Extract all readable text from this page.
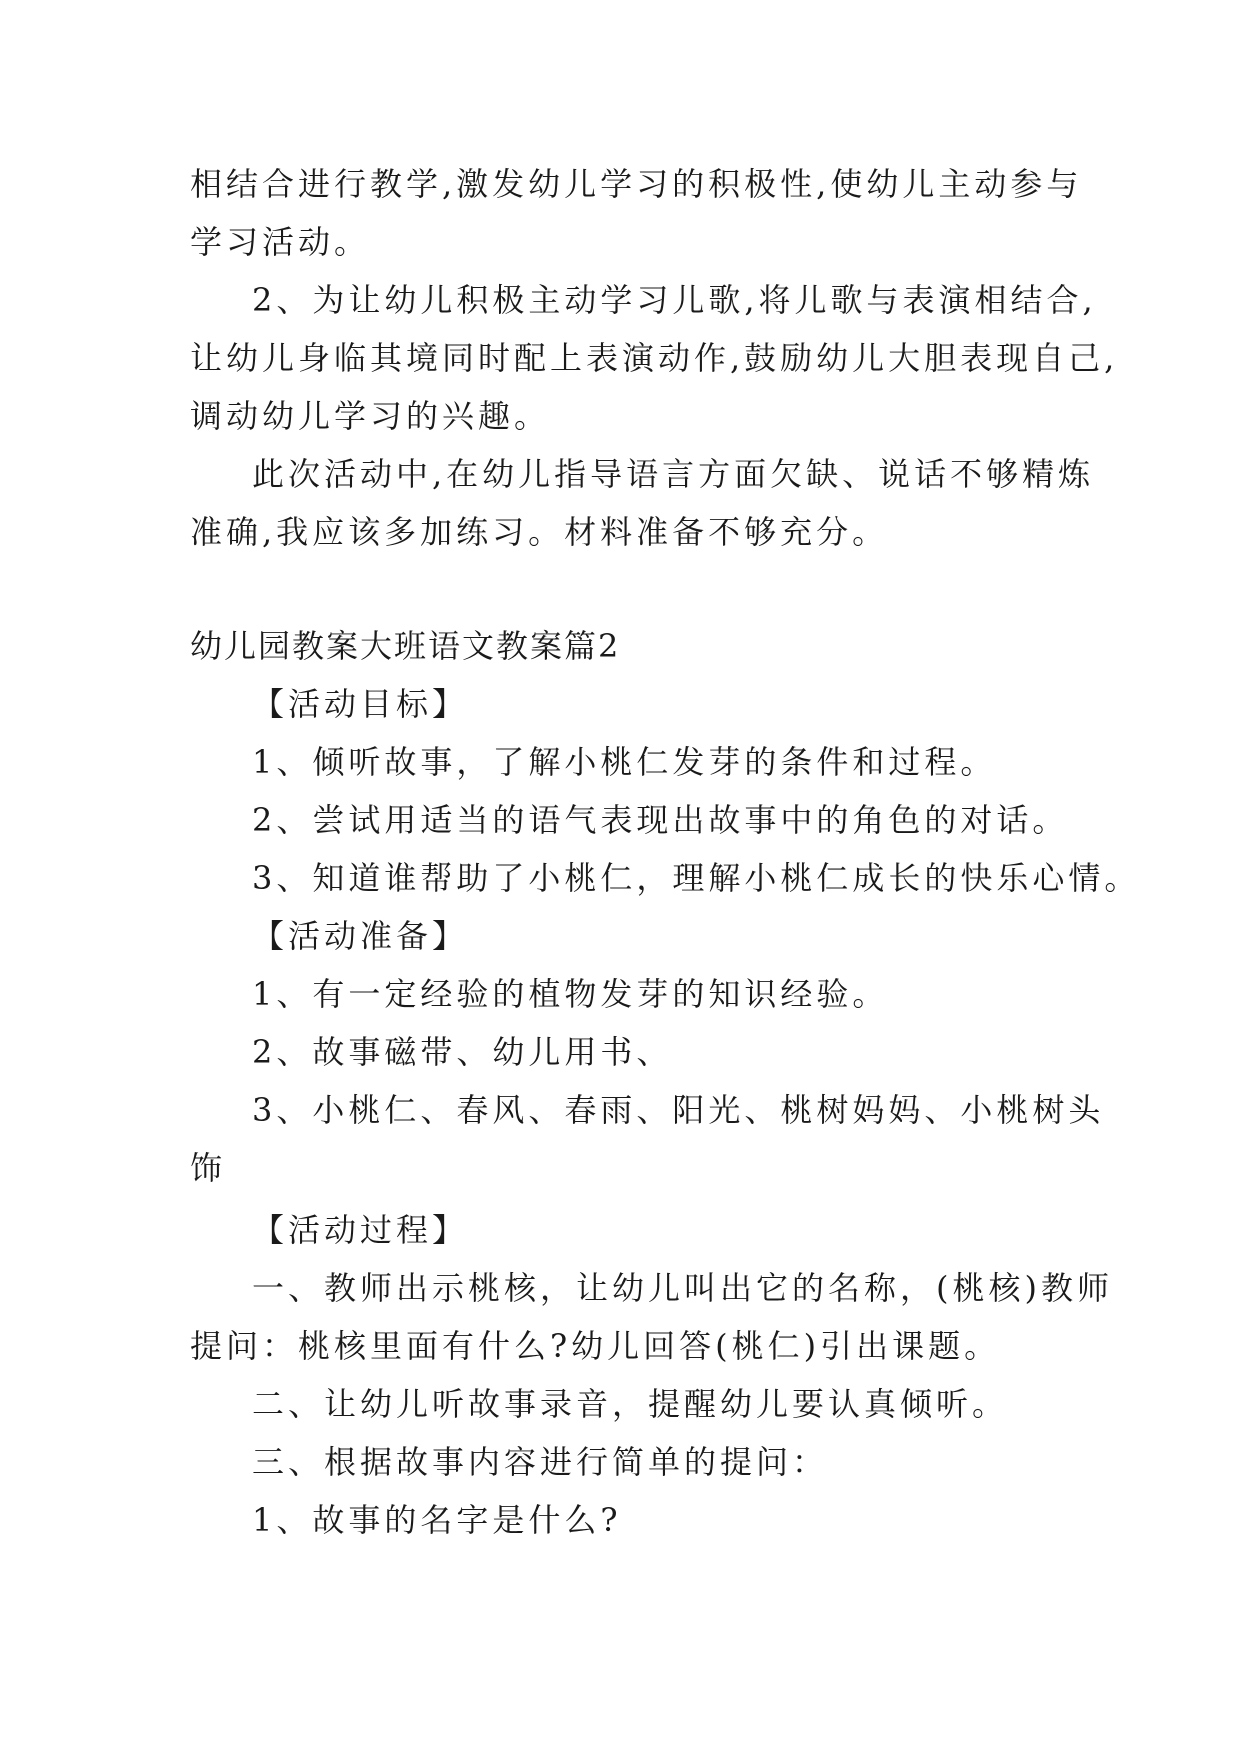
相结合进行教学,激发幼儿学习的积极性,使幼儿主动参与
学习活动。
2、为让幼儿积极主动学习儿歌,将儿歌与表演相结合,
让幼儿身临其境同时配上表演动作,鼓励幼儿大胆表现自己,
调动幼儿学习的兴趣。
此次活动中,在幼儿指导语言方面欠缺、说话不够精炼
准确,我应该多加练习。材料准备不够充分。
幼儿园教案大班语文教案篇2
【活动目标】
1、倾听故事，了解小桃仁发芽的条件和过程。
2、尝试用适当的语气表现出故事中的角色的对话。
3、知道谁帮助了小桃仁，理解小桃仁成长的快乐心情。
【活动准备】
1、有一定经验的植物发芽的知识经验。
2、故事磁带、幼儿用书、
3、小桃仁、春风、春雨、阳光、桃树妈妈、小桃树头
饰
【活动过程】
一、教师出示桃核，让幼儿叫出它的名称，(桃核)教师
提问：桃核里面有什么?幼儿回答(桃仁)引出课题。
二、让幼儿听故事录音，提醒幼儿要认真倾听。
三、根据故事内容进行简单的提问：
1、故事的名字是什么?
